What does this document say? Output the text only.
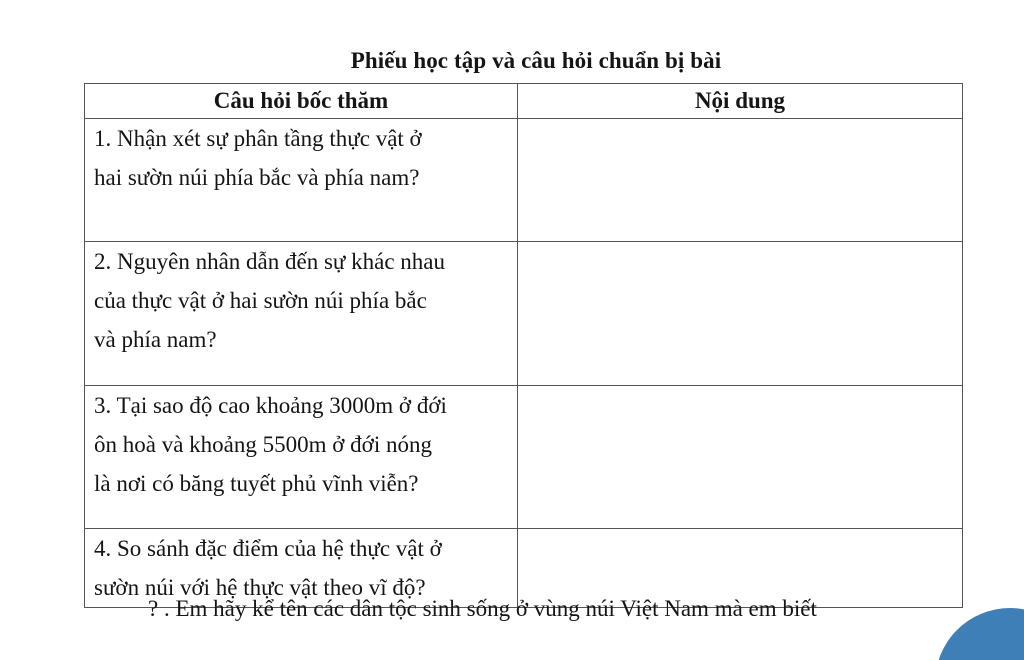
Phiếu học tập và câu hỏi chuẩn bị bài
Câu hỏi bốc thăm	Nội dung

1. Nhận xét sự phân tầng thực vật ở
hai sườn núi phía bắc và phía nam?	

2. Nguyên nhân dẫn đến sự khác nhau
của thực vật ở hai sườn núi phía bắc
và phía nam?	

3. Tại sao độ cao khoảng 3000m ở đới
ôn hoà và khoảng 5500m ở đới nóng
là nơi có băng tuyết phủ vĩnh viễn?	

4. So sánh đặc điểm của hệ thực vật ở
sườn núi với hệ thực vật theo vĩ độ?	

? . Em hãy kể tên các dân tộc sinh sống ở vùng núi Việt Nam mà em biết
